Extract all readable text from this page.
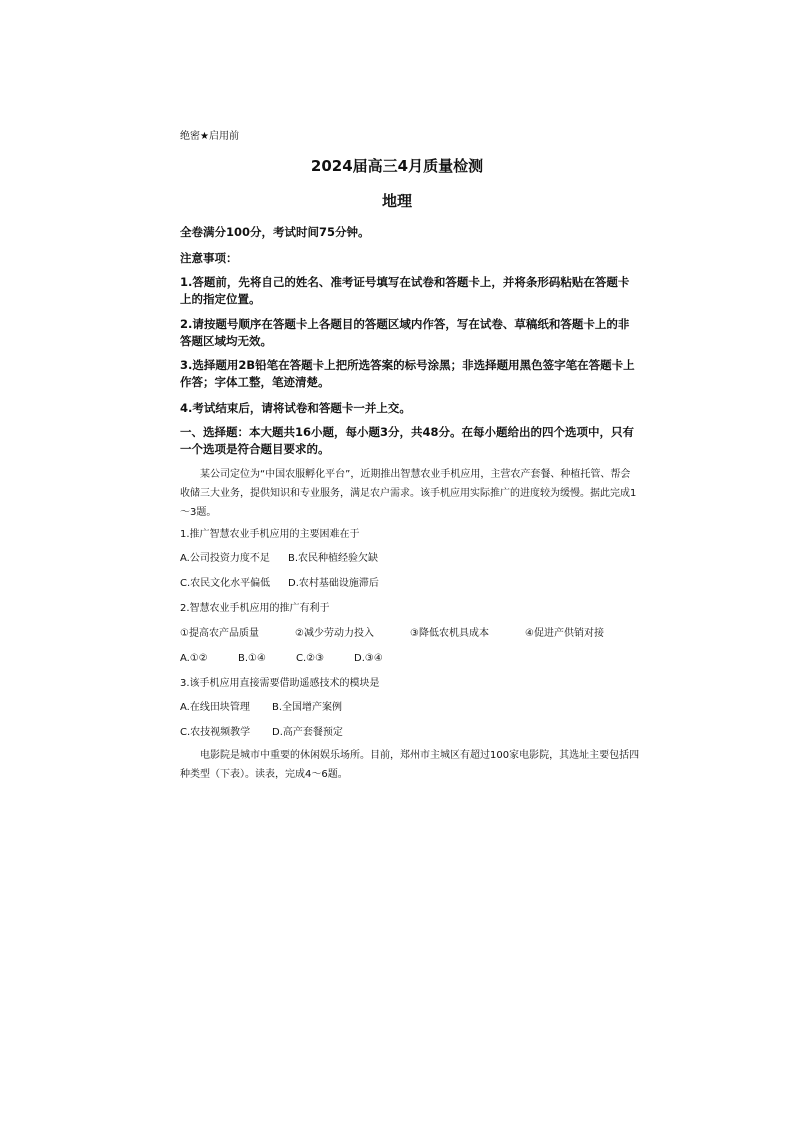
绝密★启用前
2024届高三4月质量检测
地理
全卷满分100分，考试时间75分钟。
注意事项：
1.答题前，先将自己的姓名、准考证号填写在试卷和答题卡上，并将条形码粘贴在答题卡上的指定位置。
2.请按题号顺序在答题卡上各题目的答题区域内作答，写在试卷、草稿纸和答题卡上的非答题区域均无效。
3.选择题用2B铅笔在答题卡上把所选答案的标号涂黑；非选择题用黑色签字笔在答题卡上作答；字体工整，笔迹清楚。
4.考试结束后，请将试卷和答题卡一并上交。
一、选择题：本大题共16小题，每小题3分，共48分。在每小题给出的四个选项中，只有一个选项是符合题目要求的。
某公司定位为“中国农服孵化平台”，近期推出智慧农业手机应用，主营农产套餐、种植托管、帮会收储三大业务，提供知识和专业服务，满足农户需求。该手机应用实际推广的进度较为缓慢。据此完成1～3题。
1.推广智慧农业手机应用的主要困难在于
A.公司投资力度不足 B.农民种植经验欠缺
C.农民文化水平偏低 D.农村基础设施滞后
2.智慧农业手机应用的推广有利于
①提高农产品质量	②减少劳动力投入	③降低农机具成本	④促进产供销对接
A.①②	B.①④	C.②③	D.③④
3.该手机应用直接需要借助遥感技术的模块是
A.在线田块管理 B.全国增产案例
C.农技视频教学 D.高产套餐预定
电影院是城市中重要的休闲娱乐场所。目前，郑州市主城区有超过100家电影院，其选址主要包括四种类型（下表）。读表，完成4～6题。
